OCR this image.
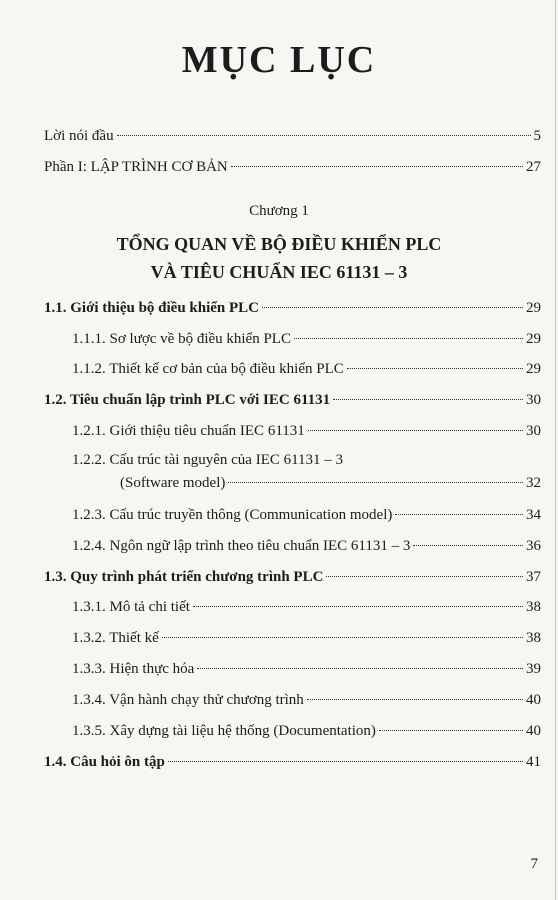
MỤC LỤC
Lời nói đầu	5
Phần I: LẬP TRÌNH CƠ BẢN	27
Chương 1
TỔNG QUAN VỀ BỘ ĐIỀU KHIỂN PLC
VÀ TIÊU CHUẨN IEC 61131 – 3
1.1. Giới thiệu bộ điều khiển PLC	29
1.1.1. Sơ lược về bộ điều khiển PLC	29
1.1.2. Thiết kế cơ bản của bộ điều khiển PLC	29
1.2. Tiêu chuẩn lập trình PLC với IEC 61131	30
1.2.1. Giới thiệu tiêu chuẩn IEC 61131	30
1.2.2. Cấu trúc tài nguyên của IEC 61131 – 3
(Software model)	32
1.2.3. Cấu trúc truyền thông (Communication model)	34
1.2.4. Ngôn ngữ lập trình theo tiêu chuẩn IEC 61131 – 3	36
1.3. Quy trình phát triển chương trình PLC	37
1.3.1. Mô tả chi tiết	38
1.3.2. Thiết kế	38
1.3.3. Hiện thực hóa	39
1.3.4. Vận hành chạy thử chương trình	40
1.3.5. Xây dựng tài liệu hệ thống (Documentation)	40
1.4. Câu hỏi ôn tập	41
7
